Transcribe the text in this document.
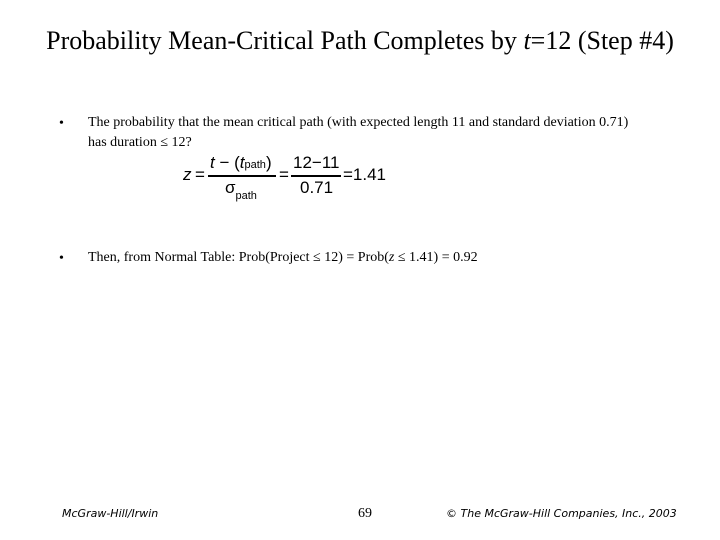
Probability Mean-Critical Path Completes by t=12 (Step #4)
• The probability that the mean critical path (with expected length 11 and standard deviation 0.71) has duration ≤ 12?
z =
t − (tpath)
$\sigma_{path}$
=
12−11
0.71
=1.41
• Then, from Normal Table: Prob(Project ≤ 12) = Prob(z ≤ 1.41) = 0.92
McGraw-Hill/Irwin	69	© The McGraw-Hill Companies, Inc., 2003
